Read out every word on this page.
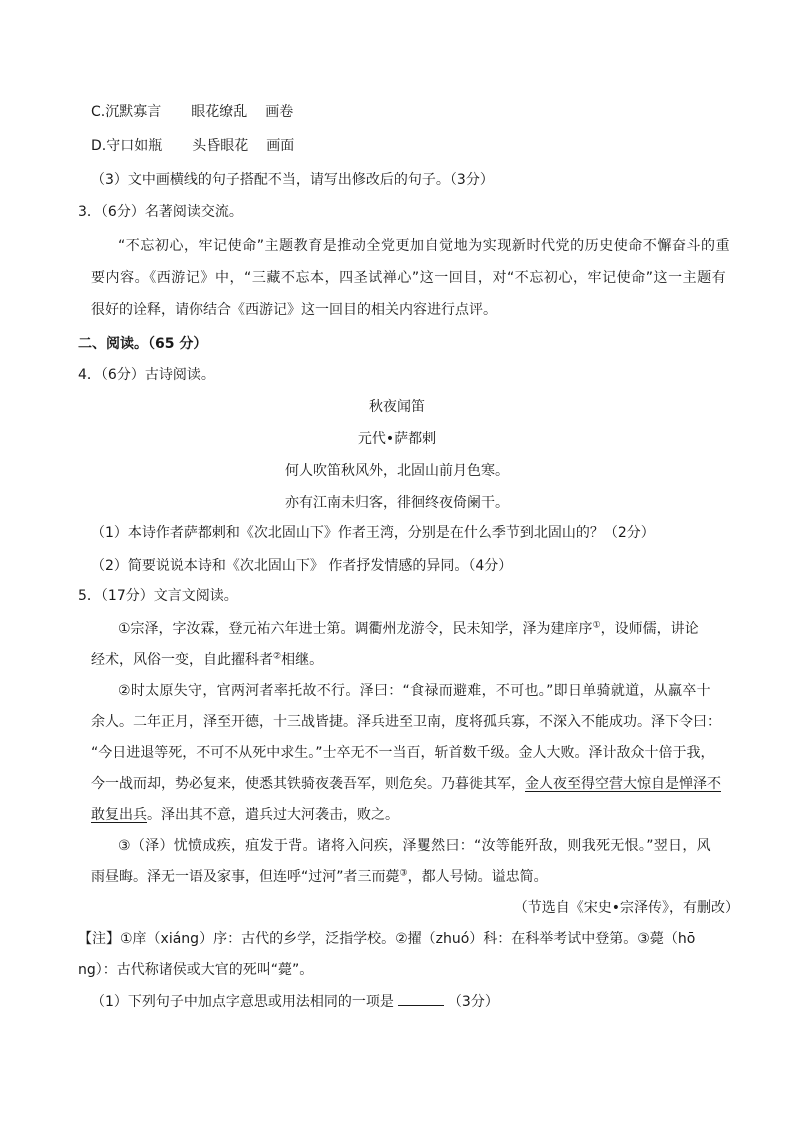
C.沉默寡言 眼花缭乱 画卷
D.守口如瓶 头昏眼花 画面
（3）文中画横线的句子搭配不当，请写出修改后的句子。（3分）
3．（6分）名著阅读交流。
“不忘初心，牢记使命”主题教育是推动全党更加自觉地为实现新时代党的历史使命不懈奋斗的重
要内容。《西游记》中，“三藏不忘本，四圣试禅心”这一回目，对“不忘初心，牢记使命”这一主题有
很好的诠释，请你结合《西游记》这一回目的相关内容进行点评。
二、阅读。（65 分）
4．（6分）古诗阅读。
秋夜闻笛
元代•萨都剌
何人吹笛秋风外，北固山前月色寒。
亦有江南未归客，徘徊终夜倚阑干。
（1）本诗作者萨都剌和《次北固山下》作者王湾，分别是在什么季节到北固山的？（2分）
（2）简要说说本诗和《次北固山下》 作者抒发情感的异同。（4分）
5．（17分）文言文阅读。
①宗泽，字汝霖，登元祐六年进士第。调衢州龙游令，民未知学，泽为建庠序①，设师儒，讲论
经术，风俗一变，自此擢科者②相继。
②时太原失守，官两河者率托故不行。泽曰：“食禄而避难，不可也。”即日单骑就道，从羸卒十
余人。二年正月，泽至开德，十三战皆捷。泽兵进至卫南，度将孤兵寡，不深入不能成功。泽下令曰：
“今日进退等死，不可不从死中求生。”士卒无不一当百，斩首数千级。金人大败。泽计敌众十倍于我，
今一战而却，势必复来，使悉其铁骑夜袭吾军，则危矣。乃暮徙其军，金人夜至得空营大惊自是惮泽不
敢复出兵。泽出其不意，遣兵过大河袭击，败之。
③（泽）忧愤成疾，疽发于背。诸将入问疾，泽矍然曰：“汝等能歼敌，则我死无恨。”翌日，风
雨昼晦。泽无一语及家事，但连呼“过河”者三而薨③，都人号恸。谥忠简。
（节选自《宋史•宗泽传》，有删改）
【注】①庠（xiáng）序：古代的乡学，泛指学校。②擢（zhuó）科：在科举考试中登第。③薨（hō
ng）：古代称诸侯或大官的死叫“薨”。
（1）下列句子中加点字意思或用法相同的一项是	（3分）
